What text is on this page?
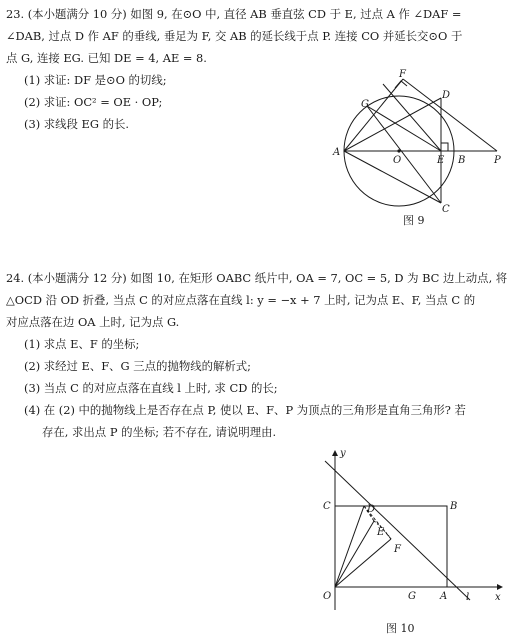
23. (本小题满分 10 分) 如图 9, 在⊙O 中, 直径 AB 垂直弦 CD 于 E, 过点 A 作 ∠DAF =
∠DAB, 过点 D 作 AF 的垂线, 垂足为 F, 交 AB 的延长线于点 P. 连接 CO 并延长交⊙O 于
点 G, 连接 EG. 已知 DE = 4, AE = 8.
(1) 求证: DF 是⊙O 的切线;
(2) 求证: OC² = OE · OP;
(3) 求线段 EG 的长.
F
G
D
A
O	E B	P
C
图 9
24. (本小题满分 12 分) 如图 10, 在矩形 OABC 纸片中, OA = 7, OC = 5, D 为 BC 边上动点, 将
△OCD 沿 OD 折叠, 当点 C 的对应点落在直线 l: y = −x + 7 上时, 记为点 E、F, 当点 C 的
对应点落在边 OA 上时, 记为点 G.
(1) 求点 E、F 的坐标;
(2) 求经过 E、F、G 三点的抛物线的解析式;
(3) 当点 C 的对应点落在直线 l 上时, 求 CD 的长;
(4) 在 (2) 中的抛物线上是否存在点 P, 使以 E、F、P 为顶点的三角形是直角三角形? 若
存在, 求出点 P 的坐标; 若不存在, 请说明理由.
y
x
C	B
D
E
F
O	G A l
图 10
